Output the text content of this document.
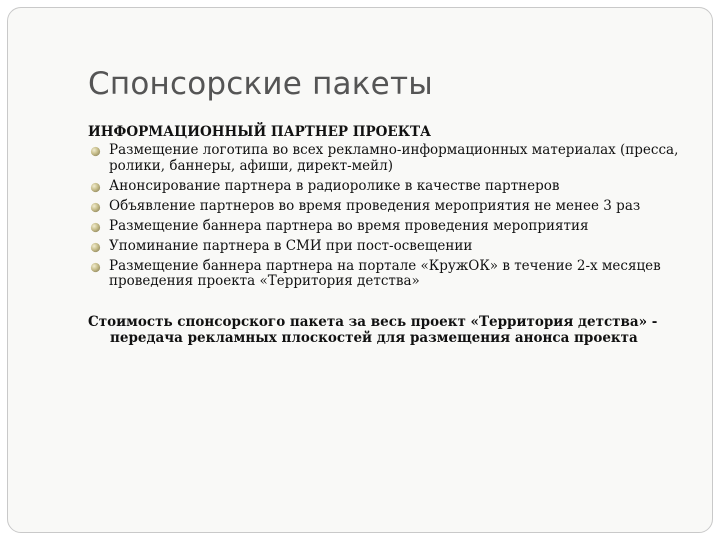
Спонсорские пакеты
ИНФОРМАЦИОННЫЙ ПАРТНЕР ПРОЕКТА
Размещение логотипа во всех рекламно-информационных материалах (пресса, ролики, баннеры, афиши, директ-мейл)
Анонсирование партнера в радиоролике в качестве партнеров
Объявление партнеров во время проведения мероприятия не менее 3 раз
Размещение баннера партнера во время проведения мероприятия
Упоминание партнера в СМИ при пост-освещении
Размещение баннера партнера на портале «КружОК» в течение 2-х месяцев проведения проекта «Территория детства»

Стоимость спонсорского пакета за весь проект «Территория детства» - передача рекламных плоскостей для размещения анонса проекта
